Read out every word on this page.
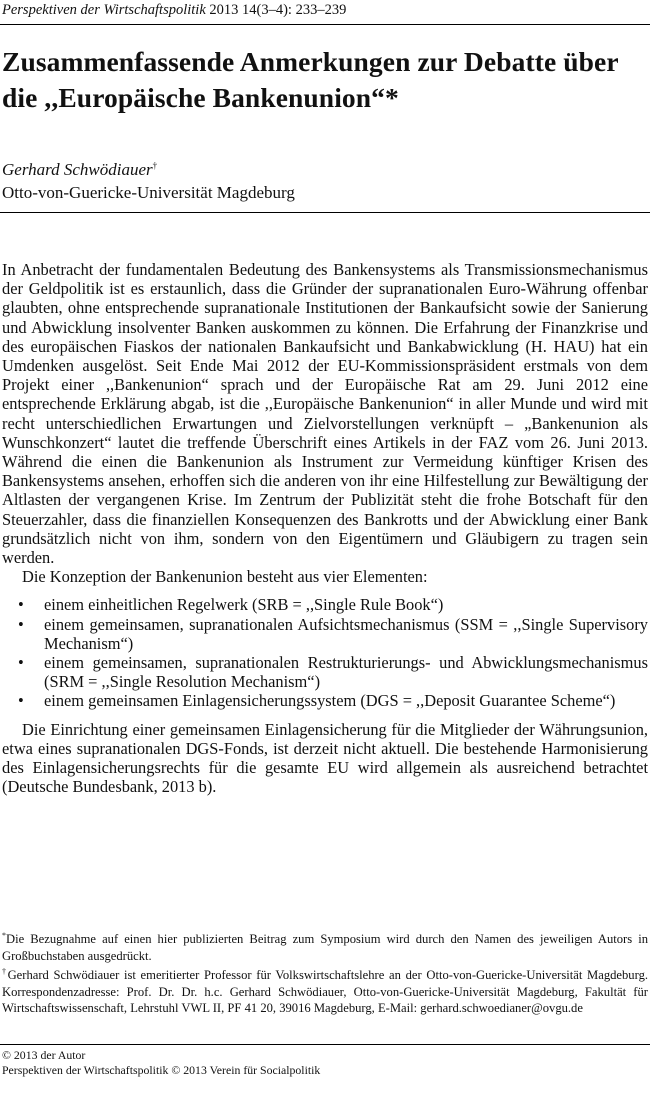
Perspektiven der Wirtschaftspolitik 2013 14(3–4): 233–239
Zusammenfassende Anmerkungen zur Debatte über die ,,Europäische Bankenunion“*
Gerhard Schwödiauer†
Otto-von-Guericke-Universität Magdeburg

In Anbetracht der fundamentalen Bedeutung des Bankensystems als Transmissionsmechanismus der Geldpolitik ist es erstaunlich, dass die Gründer der supranationalen Euro-Währung offenbar glaubten, ohne entsprechende supranationale Institutionen der Bankaufsicht sowie der Sanierung und Abwicklung insolventer Banken auskommen zu können. Die Erfahrung der Finanzkrise und des europäischen Fiaskos der nationalen Bankaufsicht und Bankabwicklung (H. HAU) hat ein Umdenken ausgelöst. Seit Ende Mai 2012 der EU-Kommissionspräsident erstmals von dem Projekt einer ,,Bankenunion“ sprach und der Europäische Rat am 29. Juni 2012 eine entsprechende Erklärung abgab, ist die ,,Europäische Bankenunion“ in aller Munde und wird mit recht unterschiedlichen Erwartungen und Zielvorstellungen verknüpft – „Bankenunion als Wunschkonzert“ lautet die treffende Überschrift eines Artikels in der FAZ vom 26. Juni 2013. Während die einen die Bankenunion als Instrument zur Vermeidung künftiger Krisen des Bankensystems ansehen, erhoffen sich die anderen von ihr eine Hilfestellung zur Bewältigung der Altlasten der vergangenen Krise. Im Zentrum der Publizität steht die frohe Botschaft für den Steuerzahler, dass die finanziellen Konsequenzen des Bankrotts und der Abwicklung einer Bank grundsätzlich nicht von ihm, sondern von den Eigentümern und Gläubigern zu tragen sein werden.

Die Konzeption der Bankenunion besteht aus vier Elementen:

• einem einheitlichen Regelwerk (SRB = ,,Single Rule Book“)
• einem gemeinsamen, supranationalen Aufsichtsmechanismus (SSM = ,,Single Supervisory Mechanism“)
• einem gemeinsamen, supranationalen Restrukturierungs- und Abwicklungsmechanismus (SRM = ,,Single Resolution Mechanism“)
• einem gemeinsamen Einlagensicherungssystem (DGS = ,,Deposit Guarantee Scheme“)

Die Einrichtung einer gemeinsamen Einlagensicherung für die Mitglieder der Währungsunion, etwa eines supranationalen DGS-Fonds, ist derzeit nicht aktuell. Die bestehende Harmonisierung des Einlagensicherungsrechts für die gesamte EU wird allgemein als ausreichend betrachtet (Deutsche Bundesbank, 2013 b).

*Die Bezugnahme auf einen hier publizierten Beitrag zum Symposium wird durch den Namen des jeweiligen Autors in Großbuchstaben ausgedrückt.

†Gerhard Schwödiauer ist emeritierter Professor für Volkswirtschaftslehre an der Otto-von-Guericke-Universität Magdeburg. Korrespondenzadresse: Prof. Dr. Dr. h.c. Gerhard Schwödiauer, Otto-von-Guericke-Universität Magdeburg, Fakultät für Wirtschaftswissenschaft, Lehrstuhl VWL II, PF 41 20, 39016 Magdeburg, E-Mail: gerhard.schwoedianer@ovgu.de

© 2013 der Autor
Perspektiven der Wirtschaftspolitik © 2013 Verein für Socialpolitik
